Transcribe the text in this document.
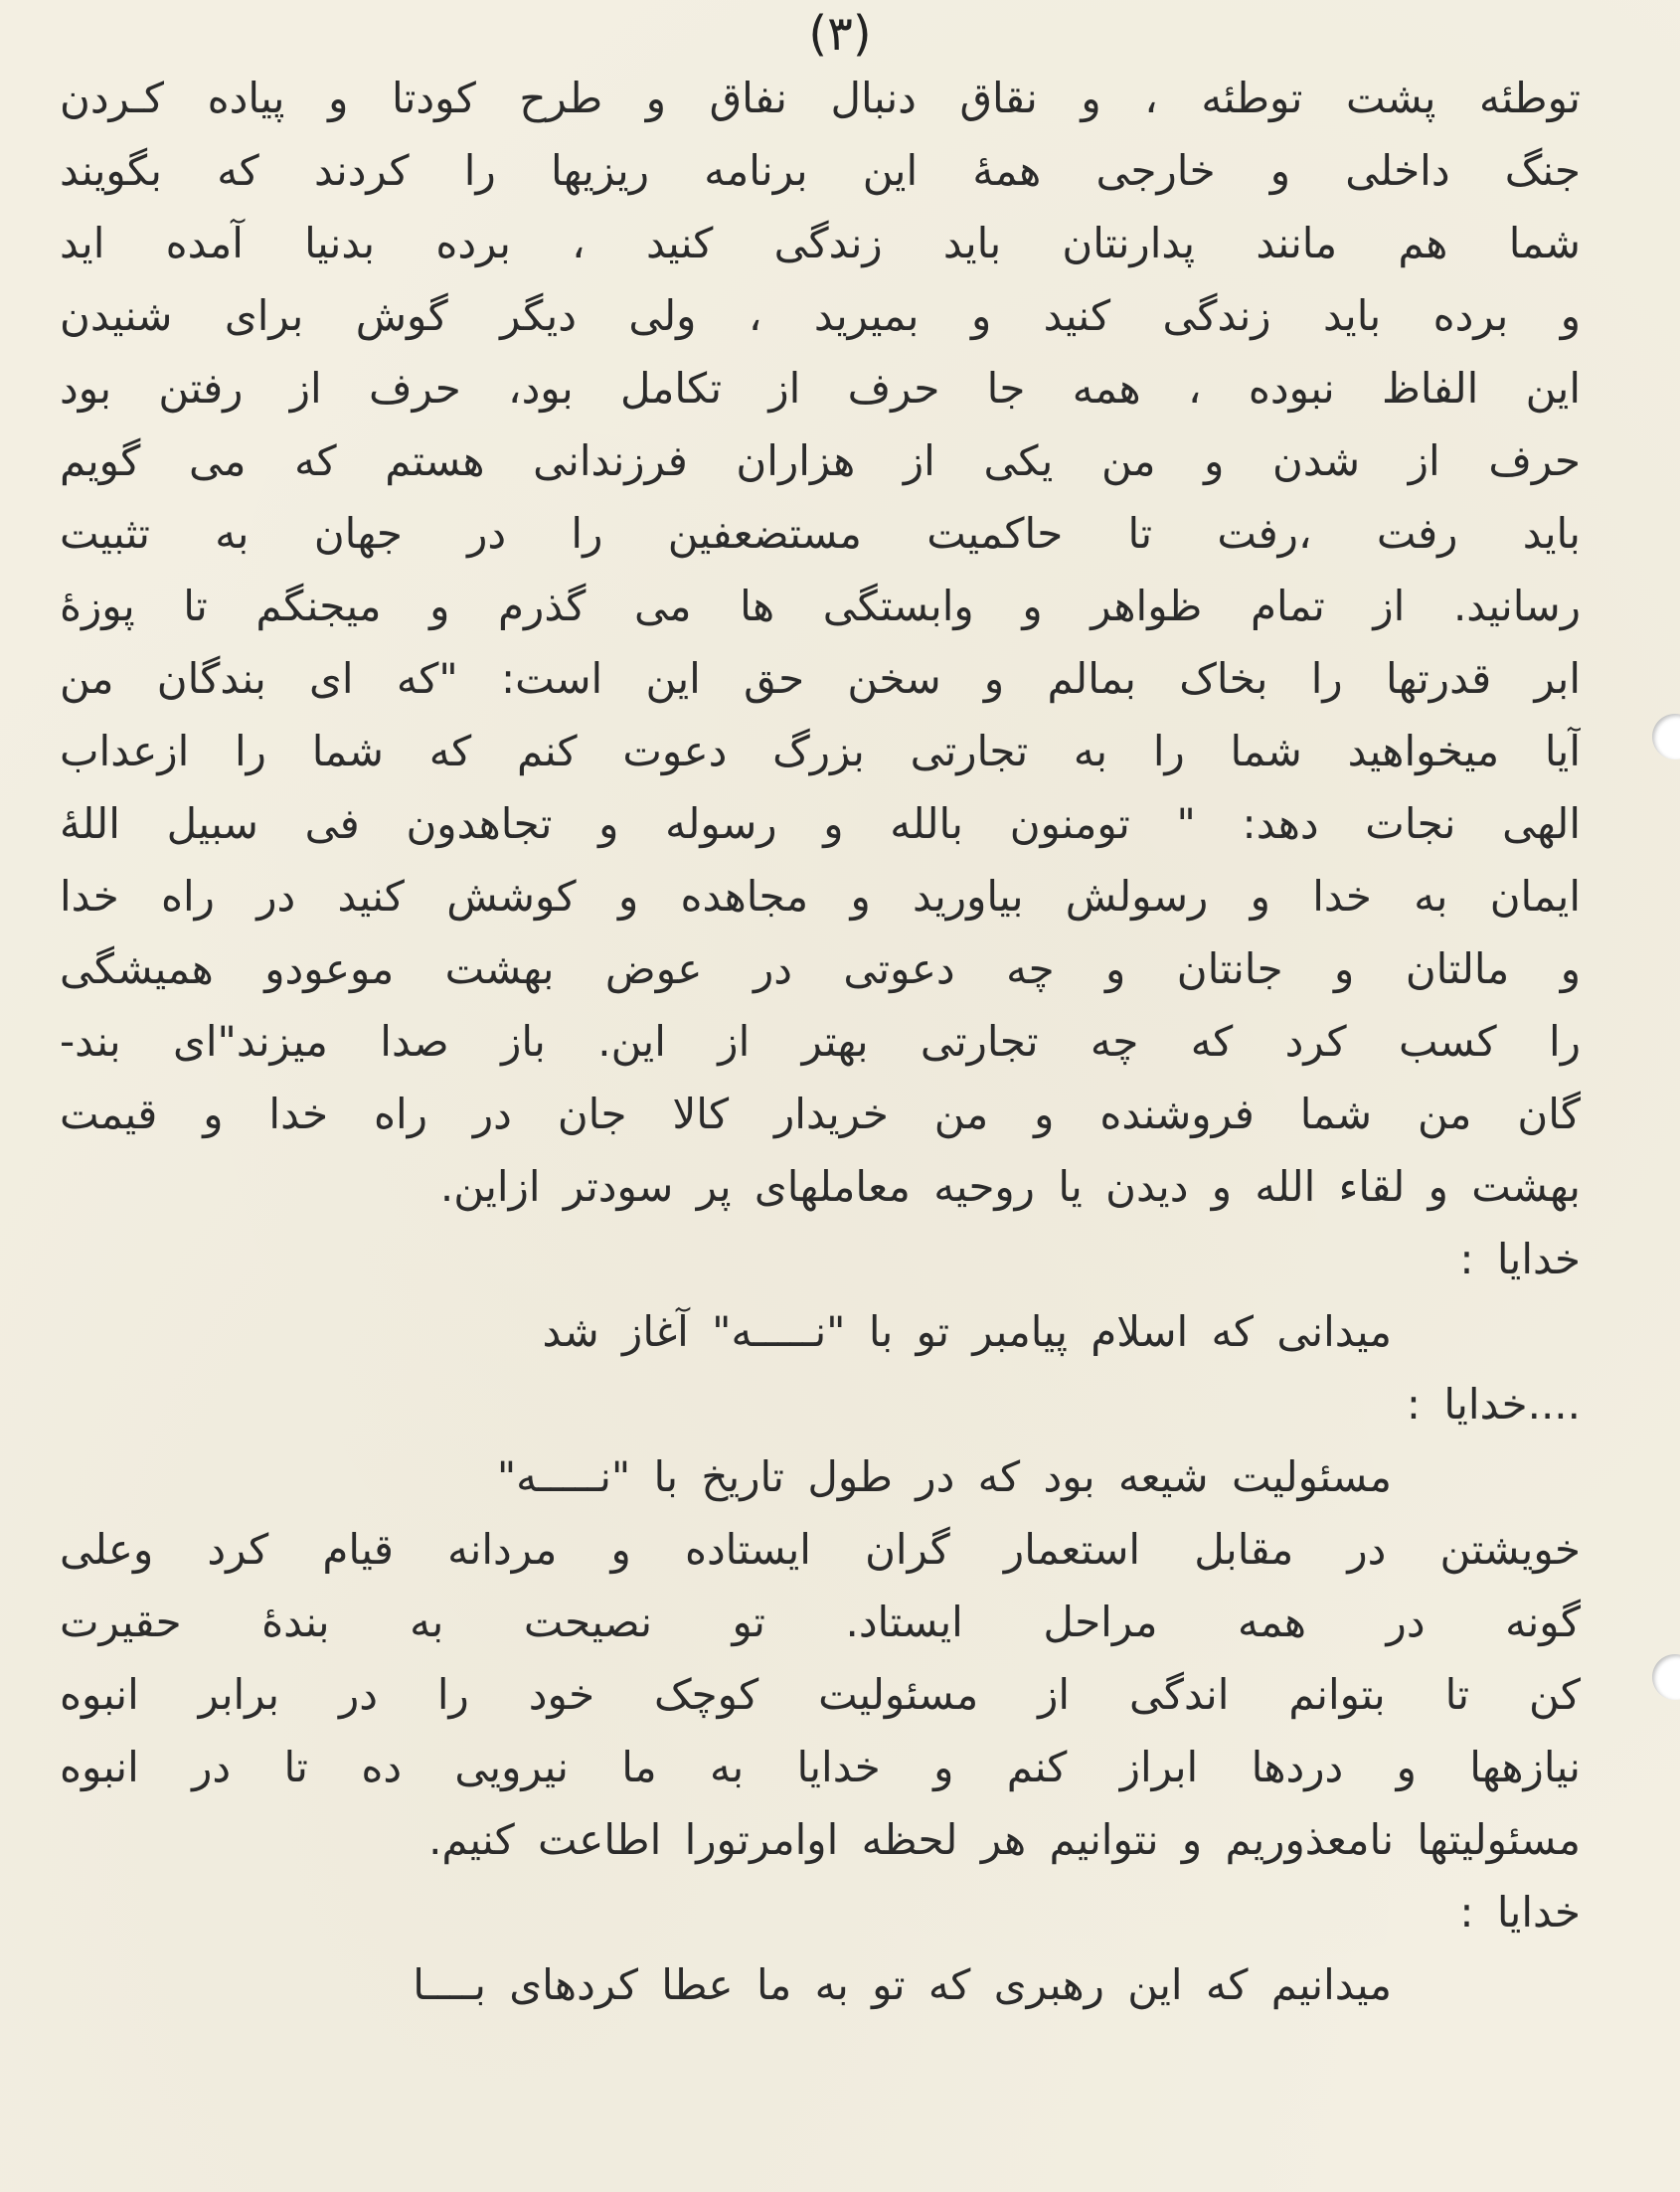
(٣)
توطئه پشت توطئه ، و نقاق دنبال نفاق و طرح کودتا و پیاده کـردن
جنگ داخلی و خارجی همهٔ این برنامه ریزیها را کردند که بگویند
شما هم مانند پدارنتان باید زندگی کنید ، برده بدنیا آمده اید
و برده باید زندگی کنید و بمیرید ، ولی دیگر گوش برای شنیدن
این الفاظ نبوده ، همه جا حرف از تکامل بود، حرف از رفتن بود
حرف از شدن و من یکی از هزاران فرزندانی هستم که می گویم
باید رفت ،رفت تا حاکمیت مستضعفین را در جهان به تثبیت
رسانید. از تمام ظواهر و وابستگی ها می گذرم و میجنگم تا پوزهٔ
ابر قدرتها را بخاک بمالم و سخن حق این است: "که ای بندگان من
آیا میخواهید شما را به تجارتی بزرگ دعوت کنم که شما را ازعداب
الهی نجات دهد: " تومنون بالله و رسوله و تجاهدون فی سبیل اللهٔ
ایمان به خدا و رسولش بیاورید و مجاهده و کوشش کنید در راه خدا
و مالتان و جانتان و چه دعوتی در عوض بهشت موعودو همیشگی
را کسب کرد که چه تجارتی بهتر از این. باز صدا میزند"ای بند-
گان من شما فروشنده و من خریدار کالا جان در راه خدا و قیمت
بهشت و لقاء الله و دیدن یا روحیه معاملهای پر سودتر ازاین.
خدایا :
میدانی که اسلام پیامبر تو با "نـــــه" آغاز شد
....خدایا :
مسئولیت شیعه بود که در طول تاریخ با "نـــــه"
خویشتن در مقابل استعمار گران ایستاده و مردانه قیام کرد وعلی
گونه در همه مراحل ایستاد. تو نصیحت به بندهٔ حقیرت
کن تا بتوانم اندگی از مسئولیت کوچک خود را در برابر انبوه
نیازهها و دردها ابراز کنم و خدایا به ما نیرویی ده تا در انبوه
مسئولیتها نامعذوریم و نتوانیم هر لحظه اوامرتورا اطاعت کنیم.
خدایا :
میدانیم که این رهبری که تو به ما عطا کردهای بــــا
